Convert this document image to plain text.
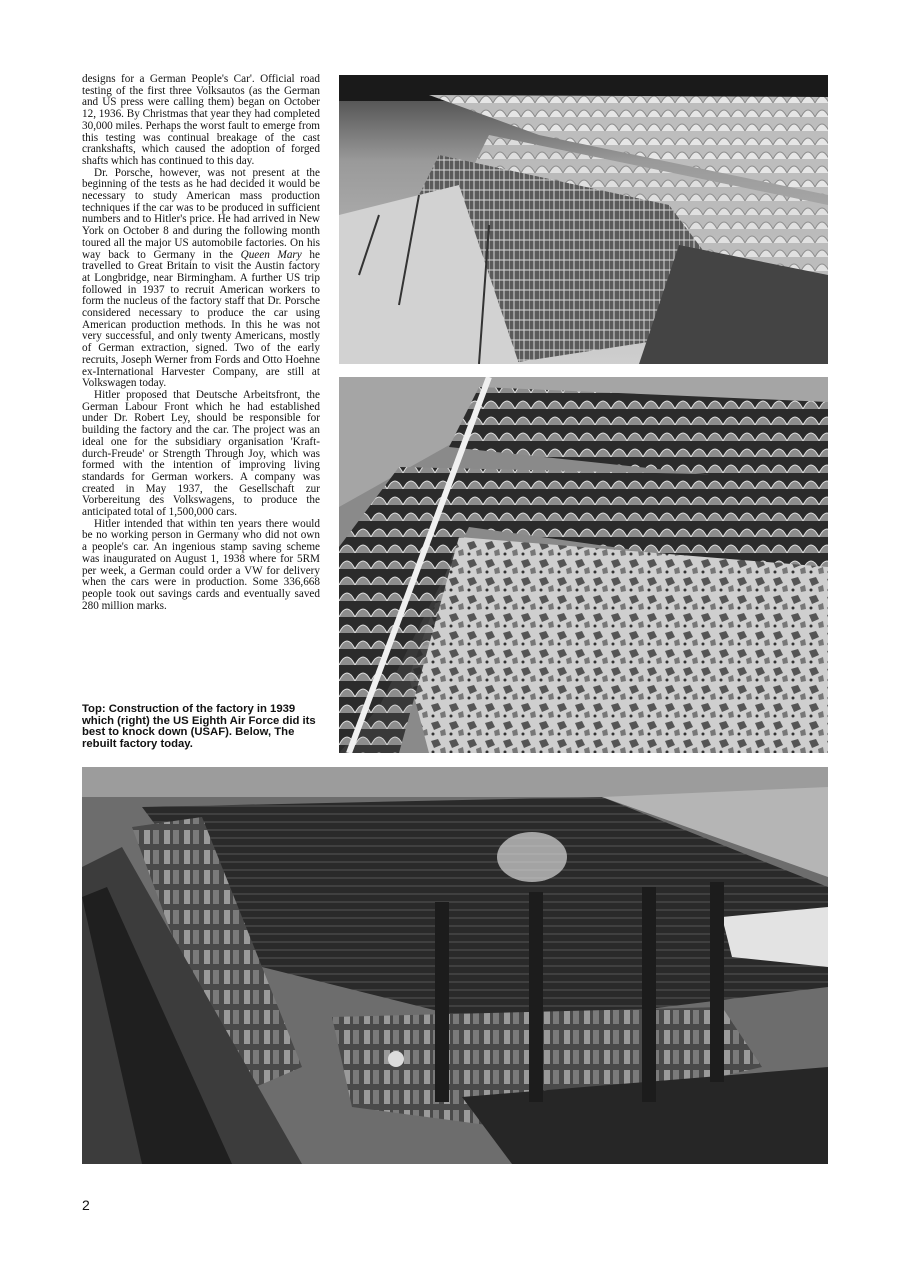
designs for a German People's Car'. Official road testing of the first three Volksautos (as the German and US press were calling them) began on October 12, 1936. By Christmas that year they had completed 30,000 miles. Perhaps the worst fault to emerge from this testing was continual breakage of the cast crankshafts, which caused the adoption of forged shafts which has continued to this day.

Dr. Porsche, however, was not present at the beginning of the tests as he had decided it would be necessary to study American mass production techniques if the car was to be produced in sufficient numbers and to Hitler's price. He had arrived in New York on October 8 and during the following month toured all the major US automobile factories. On his way back to Germany in the Queen Mary he travelled to Great Britain to visit the Austin factory at Longbridge, near Birmingham. A further US trip followed in 1937 to recruit American workers to form the nucleus of the factory staff that Dr. Porsche considered necessary to produce the car using American production methods. In this he was not very successful, and only twenty Americans, mostly of German extraction, signed. Two of the early recruits, Joseph Werner from Fords and Otto Hoehne ex-International Harvester Company, are still at Volkswagen today.

Hitler proposed that Deutsche Arbeitsfront, the German Labour Front which he had established under Dr. Robert Ley, should be responsible for building the factory and the car. The project was an ideal one for the subsidiary organisation 'Kraft-durch-Freude' or Strength Through Joy, which was formed with the intention of improving living standards for German workers. A company was created in May 1937, the Gesellschaft zur Vorbereitung des Volkswagens, to produce the anticipated total of 1,500,000 cars.

Hitler intended that within ten years there would be no working person in Germany who did not own a people's car. An ingenious stamp saving scheme was inaugurated on August 1, 1938 where for 5RM per week, a German could order a VW for delivery when the cars were in production. Some 336,668 people took out savings cards and eventually saved 280 million marks.

Top: Construction of the factory in 1939 which (right) the US Eighth Air Force did its best to knock down (USAF). Below, The rebuilt factory today.
2
